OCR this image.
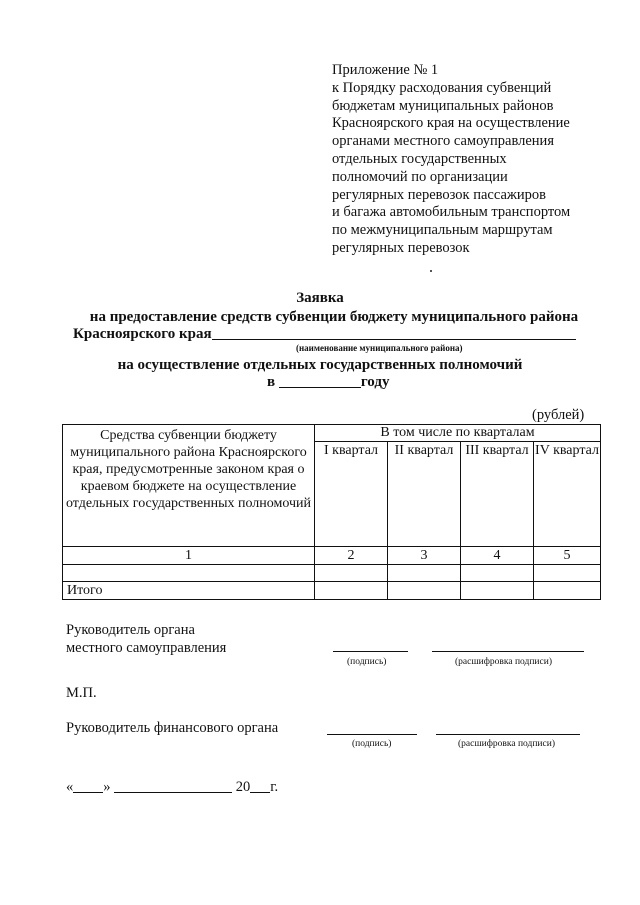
Приложение № 1
к Порядку расходования субвенций
бюджетам муниципальных районов
Красноярского края на осуществление
органами местного самоуправления
отдельных государственных
полномочий по организации
регулярных перевозок пассажиров
и багажа автомобильным транспортом
по межмуниципальным маршрутам
регулярных перевозок
Заявка
на предоставление средств субвенции бюджету муниципального района
Красноярского края
(наименование муниципального района)
на осуществление отдельных государственных полномочий
в	году
(рублей)
Средства субвенции бюджету муниципального района Красноярского края, предусмотренные законом края о краевом бюджете на осуществление отдельных государственных полномочий	В том числе по кварталам			
	I квартал	II квартал	III квартал	IV квартал
1	2	3	4	5

Итого				
Руководитель органа
местного самоуправления
(подпись)	(расшифровка подписи)
М.П.
Руководитель финансового органа
(подпись)	(расшифровка подписи)
« »	20 г.
